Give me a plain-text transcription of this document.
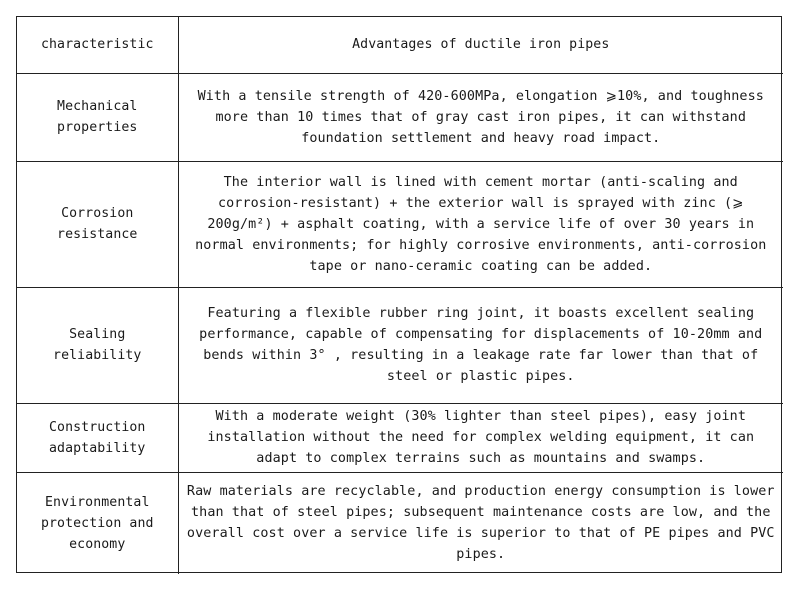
characteristic	Advantages of ductile iron pipes
Mechanical properties	With a tensile strength of 420-600MPa, elongation ⩾10%, and toughness more than 10 times that of gray cast iron pipes, it can withstand foundation settlement and heavy road impact.
Corrosion resistance	The interior wall is lined with cement mortar (anti-scaling and corrosion-resistant) + the exterior wall is sprayed with zinc (⩾ 200g/m²) + asphalt coating, with a service life of over 30 years in normal environments; for highly corrosive environments, anti-corrosion tape or nano-ceramic coating can be added.
Sealing reliability	Featuring a flexible rubber ring joint, it boasts excellent sealing performance, capable of compensating for displacements of 10-20mm and bends within 3° , resulting in a leakage rate far lower than that of steel or plastic pipes.
Construction adaptability	With a moderate weight (30% lighter than steel pipes), easy joint installation without the need for complex welding equipment, it can adapt to complex terrains such as mountains and swamps.
Environmental protection and economy	Raw materials are recyclable, and production energy consumption is lower than that of steel pipes; subsequent maintenance costs are low, and the overall cost over a service life is superior to that of PE pipes and PVC pipes.
